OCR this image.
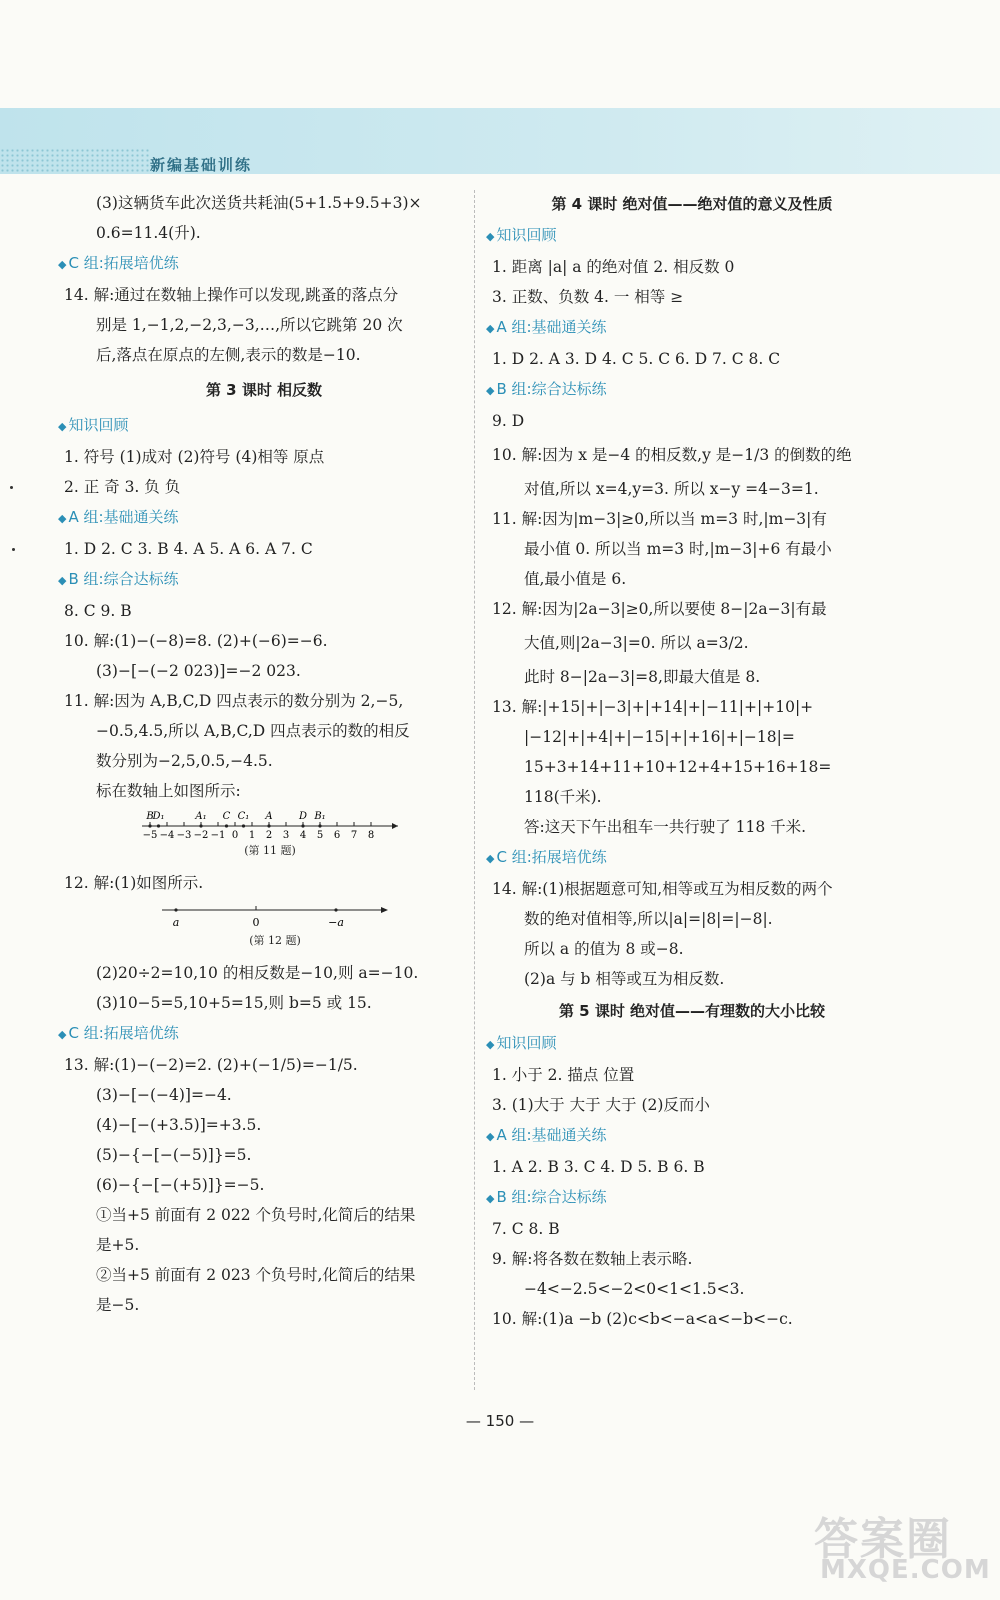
新编基础训练
(3)这辆货车此次送货共耗油(5+1.5+9.5+3)×
0.6=11.4(升).
◆ C 组:拓展培优练
14. 解:通过在数轴上操作可以发现,跳蚤的落点分
别是 1,−1,2,−2,3,−3,…,所以它跳第 20 次
后,落点在原点的左侧,表示的数是−10.
第 3 课时 相反数
◆ 知识回顾
1. 符号 (1)成对 (2)符号 (4)相等 原点
2. 正 奇 3. 负 负
◆ A 组:基础通关练
1. D 2. C 3. B 4. A 5. A 6. A 7. C
◆ B 组:综合达标练
8. C 9. B
10. 解:(1)−(−8)=8. (2)+(−6)=−6.
(3)−[−(−2 023)]=−2 023.
11. 解:因为 A,B,C,D 四点表示的数分别为 2,−5,
−0.5,4.5,所以 A,B,C,D 四点表示的数的相反
数分别为−2,5,0.5,−4.5.
标在数轴上如图所示:
−5 −4 −3 −2 −1 0 1 2 3 4 5 6 7 8
B
D₁	A₁ C C₁ A	D B₁
(第 11 题)
12. 解:(1)如图所示.
a	0	−a
(第 12 题)
(2)20÷2=10,10 的相反数是−10,则 a=−10.
(3)10−5=5,10+5=15,则 b=5 或 15.
◆ C 组:拓展培优练
13. 解:(1)−(−2)=2. (2)+(−1/5)=−1/5.
(3)−[−(−4)]=−4.
(4)−[−(+3.5)]=+3.5.
(5)−{−[−(−5)]}=5.
(6)−{−[−(+5)]}=−5.
①当+5 前面有 2 022 个负号时,化简后的结果
是+5.
②当+5 前面有 2 023 个负号时,化简后的结果
是−5.
第 4 课时 绝对值——绝对值的意义及性质
◆ 知识回顾
1. 距离 |a| a 的绝对值 2. 相反数 0
3. 正数、负数 4. 一 相等 ≥
◆ A 组:基础通关练
1. D 2. A 3. D 4. C 5. C 6. D 7. C 8. C
◆ B 组:综合达标练
9. D
10. 解:因为 x 是−4 的相反数,y 是−1/3 的倒数的绝
对值,所以 x=4,y=3. 所以 x−y =4−3=1.
11. 解:因为|m−3|≥0,所以当 m=3 时,|m−3|有
最小值 0. 所以当 m=3 时,|m−3|+6 有最小
值,最小值是 6.
12. 解:因为|2a−3|≥0,所以要使 8−|2a−3|有最
大值,则|2a−3|=0. 所以 a=3/2.
此时 8−|2a−3|=8,即最大值是 8.
13. 解:|+15|+|−3|+|+14|+|−11|+|+10|+
|−12|+|+4|+|−15|+|+16|+|−18|=
15+3+14+11+10+12+4+15+16+18=
118(千米).
答:这天下午出租车一共行驶了 118 千米.
◆ C 组:拓展培优练
14. 解:(1)根据题意可知,相等或互为相反数的两个
数的绝对值相等,所以|a|=|8|=|−8|.
所以 a 的值为 8 或−8.
(2)a 与 b 相等或互为相反数.
第 5 课时 绝对值——有理数的大小比较
◆ 知识回顾
1. 小于 2. 描点 位置
3. (1)大于 大于 大于 (2)反而小
◆ A 组:基础通关练
1. A 2. B 3. C 4. D 5. B 6. B
◆ B 组:综合达标练
7. C 8. B
9. 解:将各数在数轴上表示略.
−4<−2.5<−2<0<1<1.5<3.
10. 解:(1)a −b (2)c<b<−a<a<−b<−c.
— 150 —
答案圈
MXQE.COM
